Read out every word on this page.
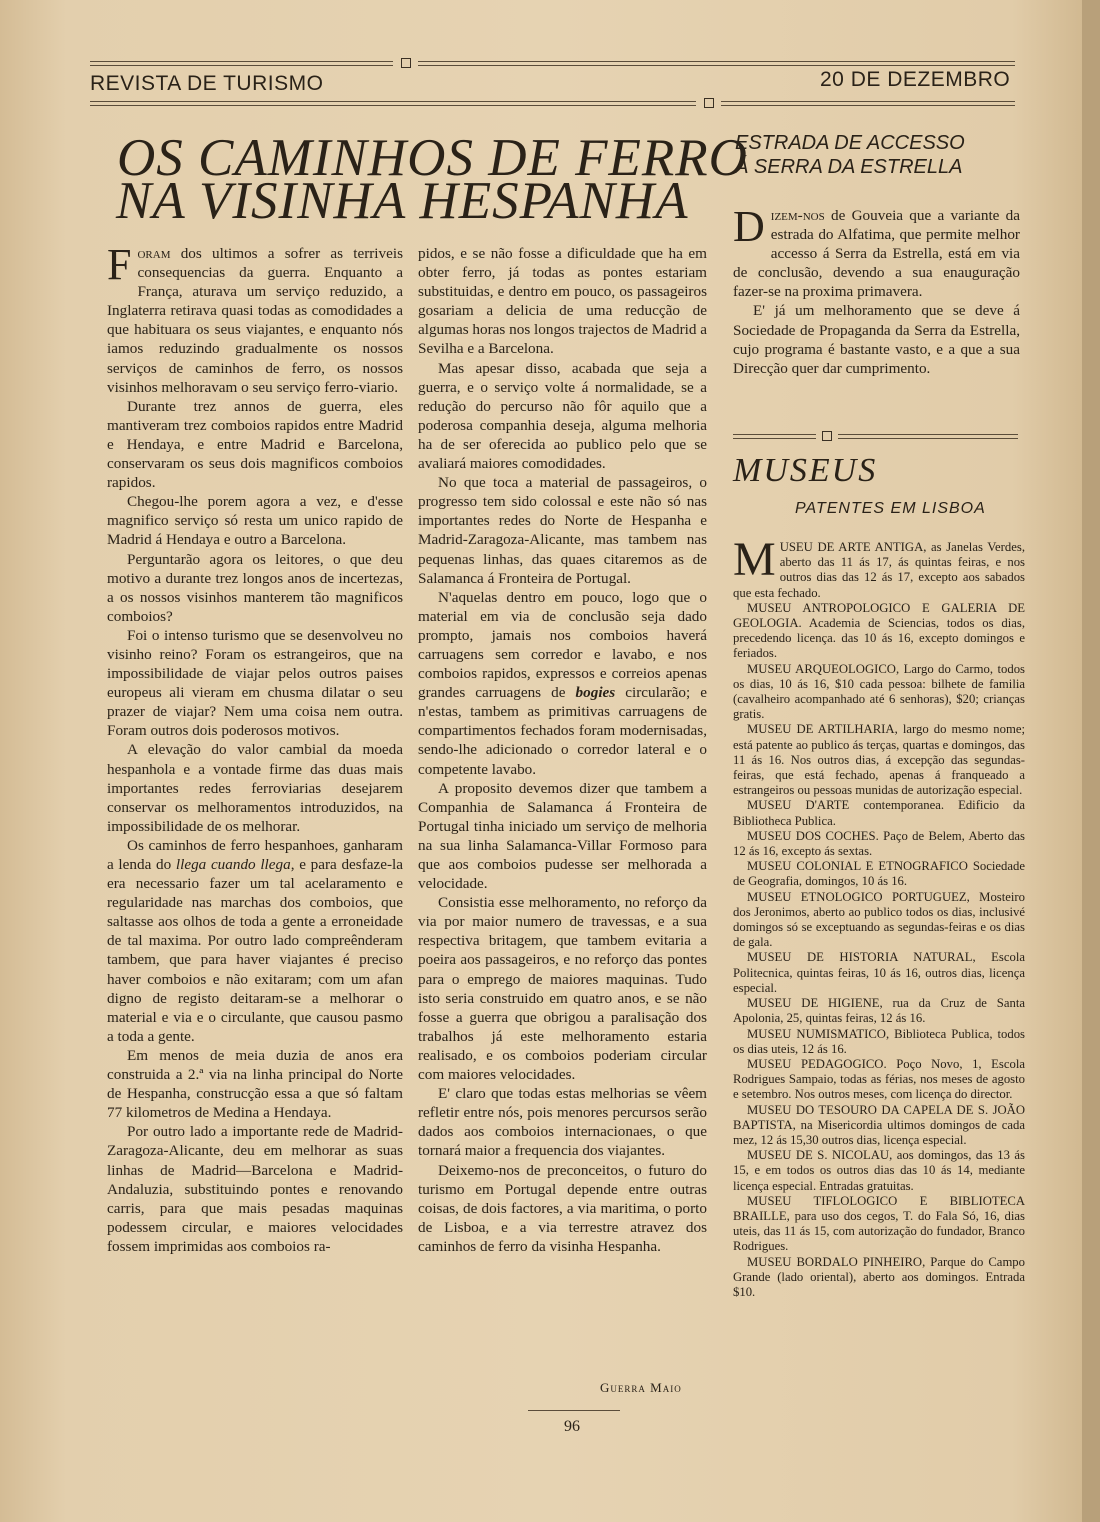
REVISTA DE TURISMO	20 DE DEZEMBRO
OS CAMINHOS DE FERRO
NA VISINHA HESPANHA

Foram dos ultimos a sofrer as terriveis consequencias da guerra. Enquanto a França, aturava um serviço reduzido, a Inglaterra retirava quasi todas as comodidades a que habituara os seus viajantes, e enquanto nós iamos reduzindo gradualmente os nossos serviços de caminhos de ferro, os nossos visinhos melhoravam o seu serviço ferro-viario.

Durante trez annos de guerra, eles mantiveram trez comboios rapidos entre Madrid e Hendaya, e entre Madrid e Barcelona, conservaram os seus dois magnificos comboios rapidos.

Chegou-lhe porem agora a vez, e d'esse magnifico serviço só resta um unico rapido de Madrid á Hendaya e outro a Barcelona.

Perguntarão agora os leitores, o que deu motivo a durante trez longos anos de incertezas, a os nossos visinhos manterem tão magnificos comboios?

Foi o intenso turismo que se desenvolveu no visinho reino? Foram os estrangeiros, que na impossibilidade de viajar pelos outros paises europeus ali vieram em chusma dilatar o seu prazer de viajar? Nem uma coisa nem outra. Foram outros dois poderosos motivos.

A elevação do valor cambial da moeda hespanhola e a vontade firme das duas mais importantes redes ferroviarias desejarem conservar os melhoramentos introduzidos, na impossibilidade de os melhorar.

Os caminhos de ferro hespanhoes, ganharam a lenda do llega cuando llega, e para desfaze-la era necessario fazer um tal acelaramento e regularidade nas marchas dos comboios, que saltasse aos olhos de toda a gente a erroneidade de tal maxima. Por outro lado compreênderam tambem, que para haver viajantes é preciso haver comboios e não exitaram; com um afan digno de registo deitaram-se a melhorar o material e via e o circulante, que causou pasmo a toda a gente.

Em menos de meia duzia de anos era construida a 2.ª via na linha principal do Norte de Hespanha, construcção essa a que só faltam 77 kilometros de Medina a Hendaya.

Por outro lado a importante rede de Madrid-Zaragoza-Alicante, deu em melhorar as suas linhas de Madrid—Barcelona e Madrid-Andaluzia, substituindo pontes e renovando carris, para que mais pesadas maquinas podessem circular, e maiores velocidades fossem imprimidas aos comboios ra-

pidos, e se não fosse a dificuldade que ha em obter ferro, já todas as pontes estariam substituidas, e dentro em pouco, os passageiros gosariam a delicia de uma reducção de algumas horas nos longos trajectos de Madrid a Sevilha e a Barcelona.

Mas apesar disso, acabada que seja a guerra, e o serviço volte á normalidade, se a redução do percurso não fôr aquilo que a poderosa companhia deseja, alguma melhoria ha de ser oferecida ao publico pelo que se avaliará maiores comodidades.

No que toca a material de passageiros, o progresso tem sido colossal e este não só nas importantes redes do Norte de Hespanha e Madrid-Zaragoza-Alicante, mas tambem nas pequenas linhas, das quaes citaremos as de Salamanca á Fronteira de Portugal.

N'aquelas dentro em pouco, logo que o material em via de conclusão seja dado prompto, jamais nos comboios haverá carruagens sem corredor e lavabo, e nos comboios rapidos, expressos e correios apenas grandes carruagens de bogies circularão; e n'estas, tambem as primitivas carruagens de compartimentos fechados foram modernisadas, sendo-lhe adicionado o corredor lateral e o competente lavabo.

A proposito devemos dizer que tambem a Companhia de Salamanca á Fronteira de Portugal tinha iniciado um serviço de melhoria na sua linha Salamanca-Villar Formoso para que aos comboios pudesse ser melhorada a velocidade.

Consistia esse melhoramento, no reforço da via por maior numero de travessas, e a sua respectiva britagem, que tambem evitaria a poeira aos passageiros, e no reforço das pontes para o emprego de maiores maquinas. Tudo isto seria construido em quatro anos, e se não fosse a guerra que obrigou a paralisação dos trabalhos já este melhoramento estaria realisado, e os comboios poderiam circular com maiores velocidades.

E' claro que todas estas melhorias se vêem refletir entre nós, pois menores percursos serão dados aos comboios internacionaes, o que tornará maior a frequencia dos viajantes.

Deixemo-nos de preconceitos, o futuro do turismo em Portugal depende entre outras coisas, de dois factores, a via maritima, o porto de Lisboa, e a via terrestre atravez dos caminhos de ferro da visinha Hespanha.

Guerra Maio
ESTRADA DE ACCESSO
Á SERRA DA ESTRELLA

Dizem-nos de Gouveia que a variante da estrada do Alfatima, que permite melhor accesso á Serra da Estrella, está em via de conclusão, devendo a sua enauguração fazer-se na proxima primavera.

E' já um melhoramento que se deve á Sociedade de Propaganda da Serra da Estrella, cujo programa é bastante vasto, e a que a sua Direcção quer dar cumprimento.

MUSEUS
PATENTES EM LISBOA

MUSEU DE ARTE ANTIGA, as Janelas Verdes, aberto das 11 ás 17, ás quintas feiras, e nos outros dias das 12 ás 17, excepto aos sabados que esta fechado.

MUSEU ANTROPOLOGICO E GALERIA DE GEOLOGIA. Academia de Sciencias, todos os dias, precedendo licença. das 10 ás 16, excepto domingos e feriados.

MUSEU ARQUEOLOGICO, Largo do Carmo, todos os dias, 10 ás 16, $10 cada pessoa: bilhete de familia (cavalheiro acompanhado até 6 senhoras), $20; crianças gratis.

MUSEU DE ARTILHARIA, largo do mesmo nome; está patente ao publico ás terças, quartas e domingos, das 11 ás 16. Nos outros dias, á excepção das segundas-feiras, que está fechado, apenas á franqueado a estrangeiros ou pessoas munidas de autorização especial.

MUSEU D'ARTE contemporanea. Edificio da Bibliotheca Publica.

MUSEU DOS COCHES. Paço de Belem, Aberto das 12 ás 16, excepto ás sextas.

MUSEU COLONIAL E ETNOGRAFICO Sociedade de Geografia, domingos, 10 ás 16.

MUSEU ETNOLOGICO PORTUGUEZ, Mosteiro dos Jeronimos, aberto ao publico todos os dias, inclusivé domingos só se exceptuando as segundas-feiras e os dias de gala.

MUSEU DE HISTORIA NATURAL, Escola Politecnica, quintas feiras, 10 ás 16, outros dias, licença especial.

MUSEU DE HIGIENE, rua da Cruz de Santa Apolonia, 25, quintas feiras, 12 ás 16.

MUSEU NUMISMATICO, Biblioteca Publica, todos os dias uteis, 12 ás 16.

MUSEU PEDAGOGICO. Poço Novo, 1, Escola Rodrigues Sampaio, todas as férias, nos meses de agosto e setembro. Nos outros meses, com licença do director.

MUSEU DO TESOURO DA CAPELA DE S. JOÃO BAPTISTA, na Misericordia ultimos domingos de cada mez, 12 ás 15,30 outros dias, licença especial.

MUSEU DE S. NICOLAU, aos domingos, das 13 ás 15, e em todos os outros dias das 10 ás 14, mediante licença especial. Entradas gratuitas.

MUSEU TIFLOLOGICO E BIBLIOTECA BRAILLE, para uso dos cegos, T. do Fala Só, 16, dias uteis, das 11 ás 15, com autorização do fundador, Branco Rodrigues.

MUSEU BORDALO PINHEIRO, Parque do Campo Grande (lado oriental), aberto aos domingos. Entrada $10.

96
